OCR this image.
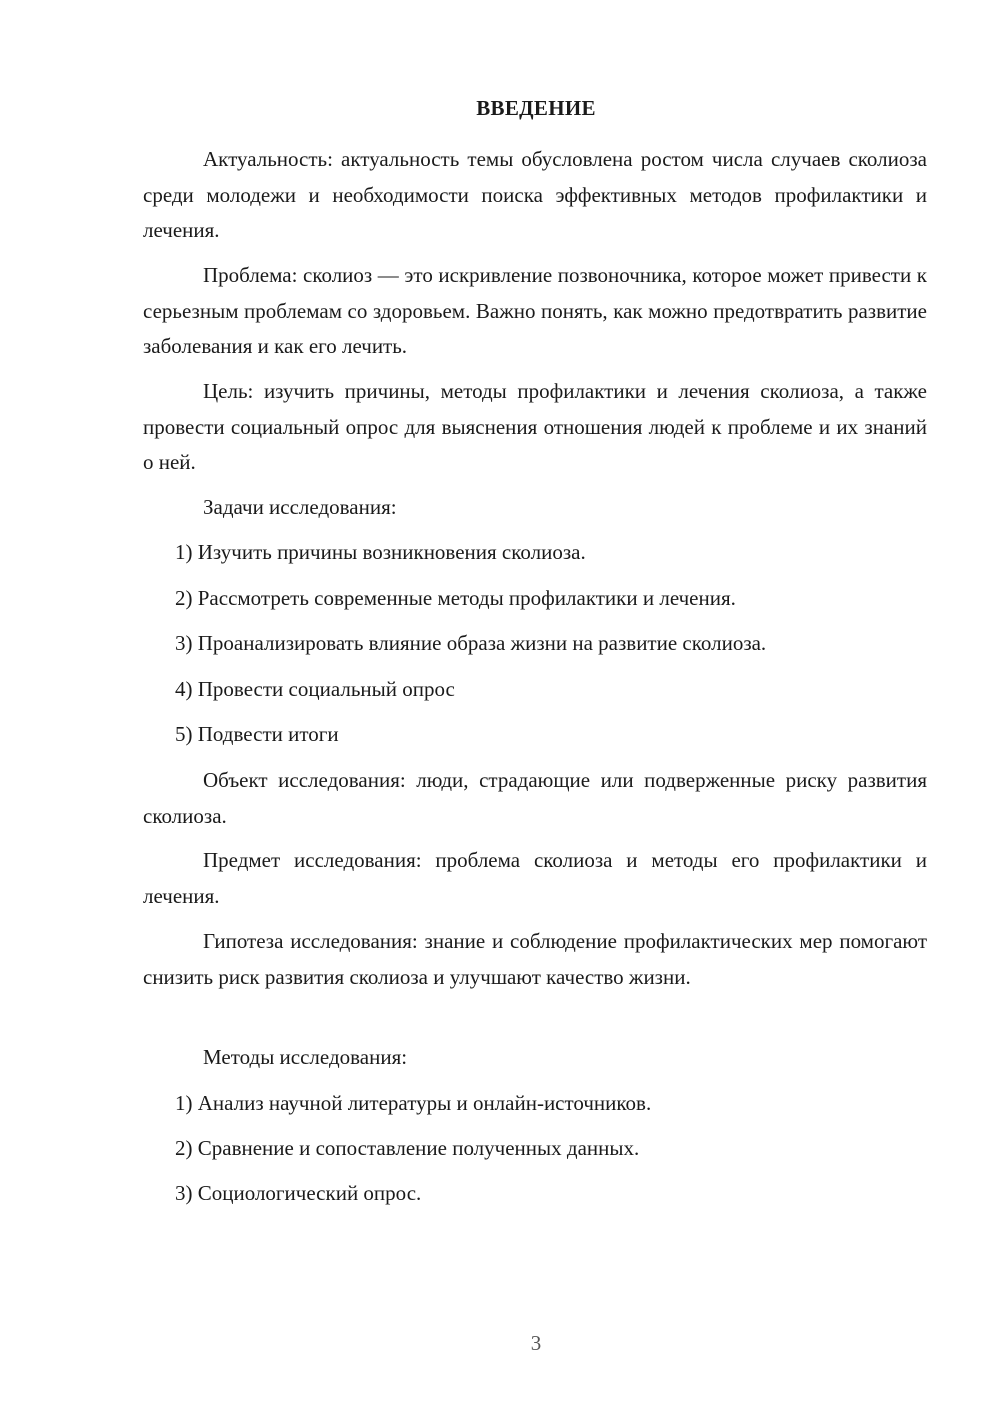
ВВЕДЕНИЕ

Актуальность: актуальность темы обусловлена ростом числа случаев сколиоза среди молодежи и необходимости поиска эффективных методов профилактики и лечения.

Проблема: сколиоз — это искривление позвоночника, которое может привести к серьезным проблемам со здоровьем. Важно понять, как можно предотвратить развитие заболевания и как его лечить.

Цель: изучить причины, методы профилактики и лечения сколиоза, а также провести социальный опрос для выяснения отношения людей к проблеме и их знаний о ней.

Задачи исследования:

1) Изучить причины возникновения сколиоза.

2) Рассмотреть современные методы профилактики и лечения.

3) Проанализировать влияние образа жизни на развитие сколиоза.

4) Провести социальный опрос

5) Подвести итоги

Объект исследования: люди, страдающие или подверженные риску развития сколиоза.

Предмет исследования: проблема сколиоза и методы его профилактики и лечения.

Гипотеза исследования: знание и соблюдение профилактических мер помогают снизить риск развития сколиоза и улучшают качество жизни.

Методы исследования:

1) Анализ научной литературы и онлайн-источников.

2) Сравнение и сопоставление полученных данных.

3) Социологический опрос.

3
